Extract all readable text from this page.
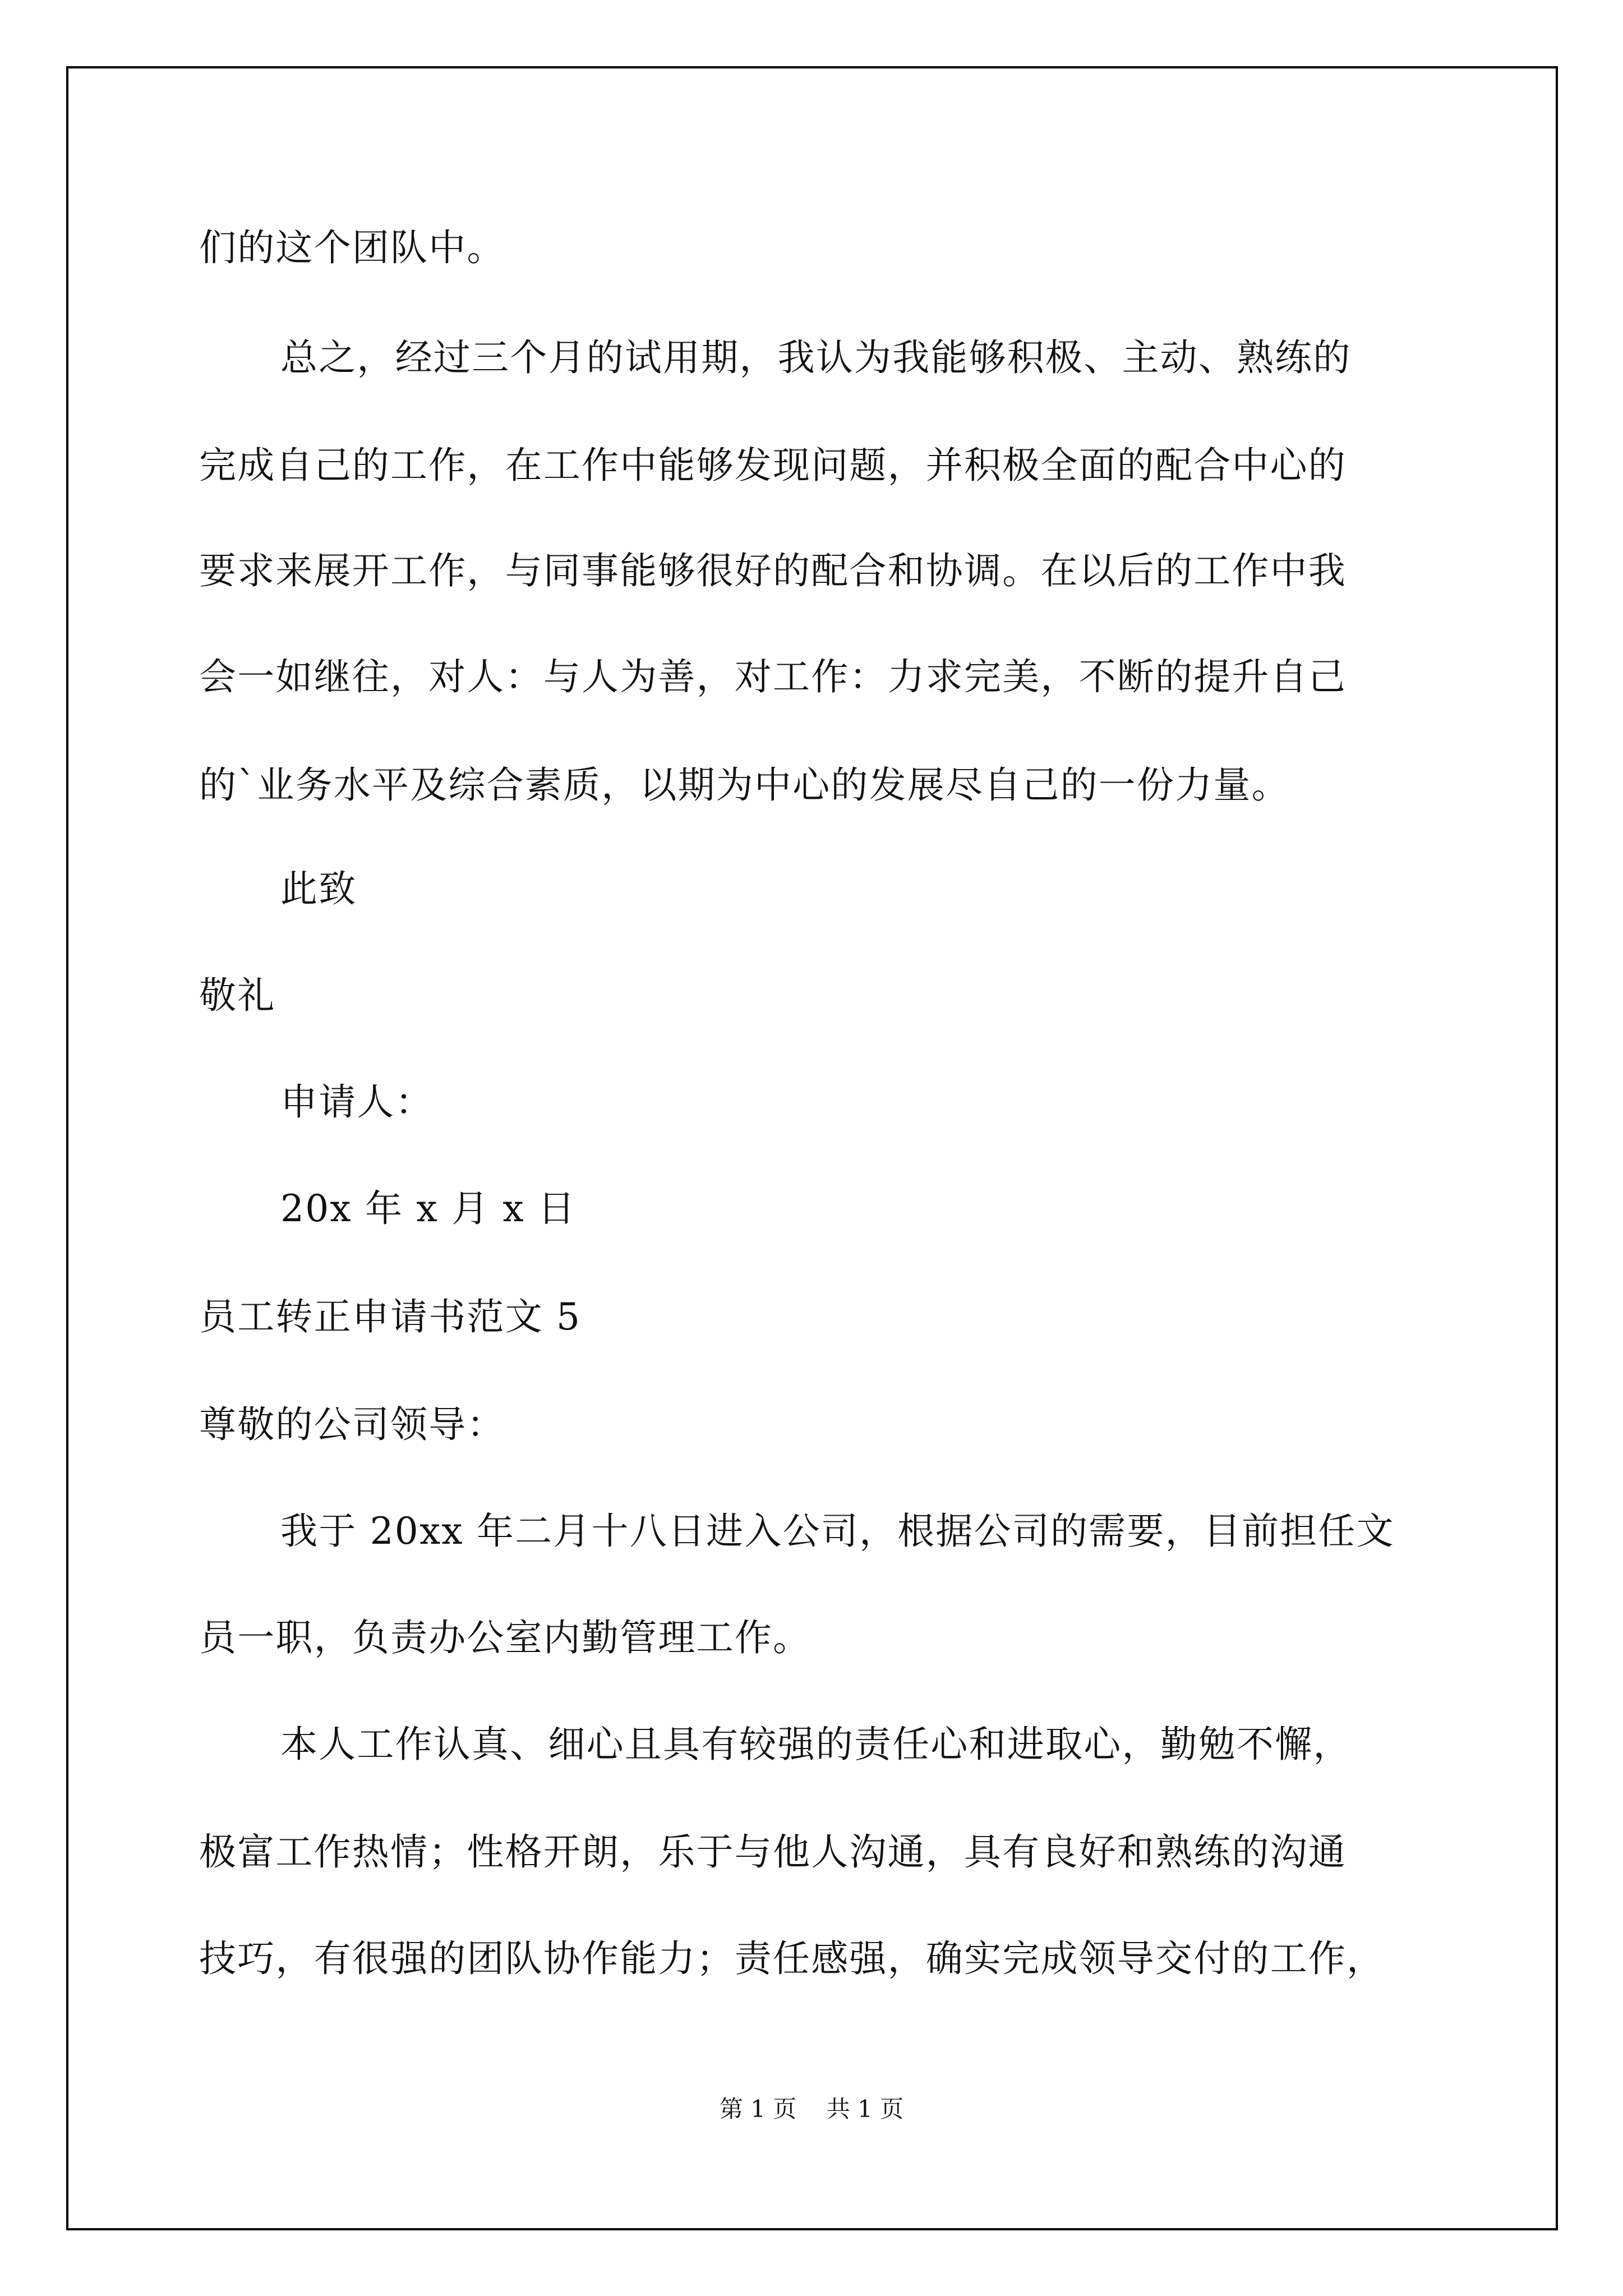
们的这个团队中。
总之，经过三个月的试用期，我认为我能够积极、主动、熟练的
完成自己的工作，在工作中能够发现问题，并积极全面的配合中心的
要求来展开工作，与同事能够很好的配合和协调。在以后的工作中我
会一如继往，对人：与人为善，对工作：力求完美，不断的提升自己
的`业务水平及综合素质，以期为中心的发展尽自己的一份力量。
此致
敬礼
申请人：
20x 年 x 月 x 日
员工转正申请书范文 5
尊敬的公司领导：
我于 20xx 年二月十八日进入公司，根据公司的需要，目前担任文
员一职，负责办公室内勤管理工作。
本人工作认真、细心且具有较强的责任心和进取心，勤勉不懈，
极富工作热情；性格开朗，乐于与他人沟通，具有良好和熟练的沟通
技巧，有很强的团队协作能力；责任感强，确实完成领导交付的工作，
第 1 页 共 1 页
